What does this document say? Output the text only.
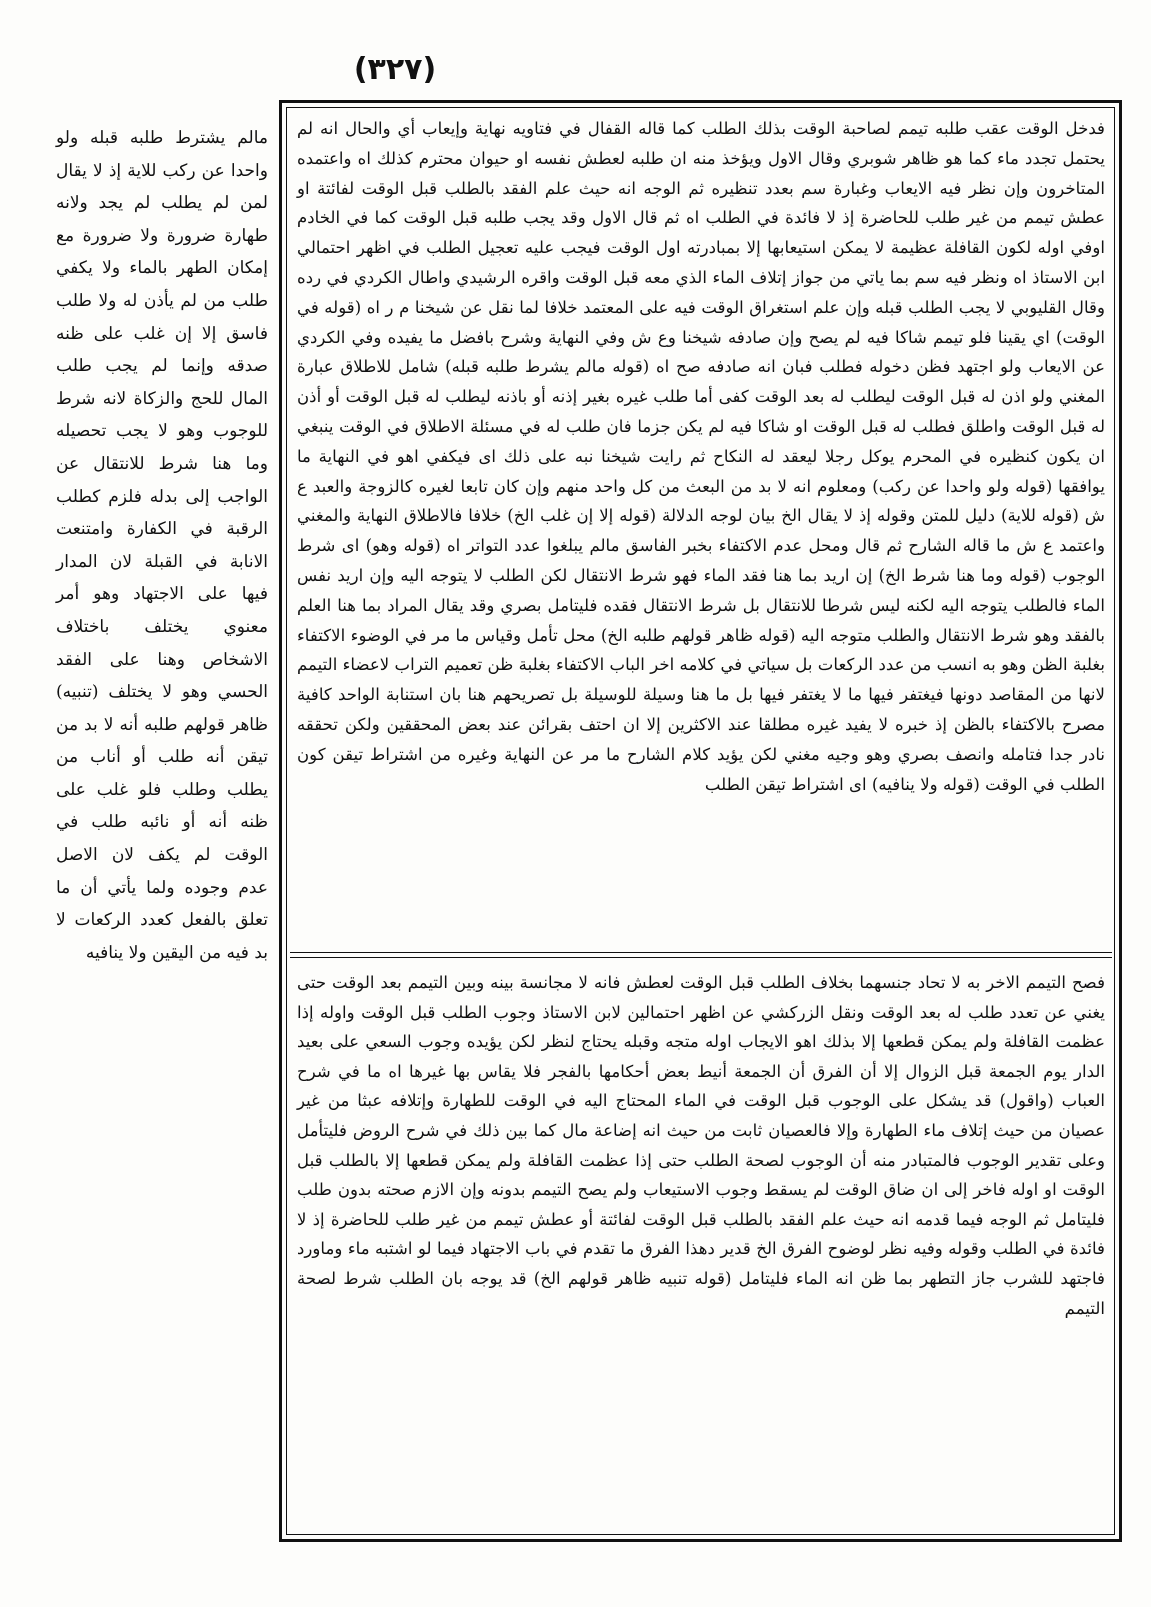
(٣٢٧)

فدخل الوقت عقب طلبه تيمم لصاحبة الوقت بذلك الطلب كما قاله القفال في فتاويه نهاية وإيعاب أي والحال انه لم يحتمل تجدد ماء كما هو ظاهر شوبري وقال الاول ويؤخذ منه ان طلبه لعطش نفسه او حيوان محترم كذلك اه واعتمده المتاخرون وإن نظر فيه الايعاب وغبارة سم بعدد تنظيره ثم الوجه انه حيث علم الفقد بالطلب قبل الوقت لفائتة او عطش تيمم من غير طلب للحاضرة إذ لا فائدة في الطلب اه ثم قال الاول وقد يجب طلبه قبل الوقت كما في الخادم اوفي اوله لكون القافلة عظيمة لا يمكن استيعابها إلا بمبادرته اول الوقت فيجب عليه تعجيل الطلب في اظهر احتمالي ابن الاستاذ اه ونظر فيه سم بما ياتي من جواز إتلاف الماء الذي معه قبل الوقت واقره الرشيدي واطال الكردي في رده وقال القليوبي لا يجب الطلب قبله وإن علم استغراق الوقت فيه على المعتمد خلافا لما نقل عن شيخنا م ر اه (قوله في الوقت) اي يقينا فلو تيمم شاكا فيه لم يصح وإن صادفه شيخنا وع ش وفي النهاية وشرح بافضل ما يفيده وفي الكردي عن الايعاب ولو اجتهد فظن دخوله فطلب فبان انه صادفه صح اه (قوله مالم يشرط طلبه قبله) شامل للاطلاق عبارة المغني ولو اذن له قبل الوقت ليطلب له بعد الوقت كفى أما طلب غيره بغير إذنه أو باذنه ليطلب له قبل الوقت أو أذن له قبل الوقت واطلق فطلب له قبل الوقت او شاكا فيه لم يكن جزما فان طلب له في مسئلة الاطلاق في الوقت ينبغي ان يكون كنظيره في المحرم يوكل رجلا ليعقد له النكاح ثم رايت شيخنا نبه على ذلك اى فيكفي اهو في النهاية ما يوافقها (قوله ولو واحدا عن ركب) ومعلوم انه لا بد من البعث من كل واحد منهم وإن كان تابعا لغيره كالزوجة والعبد ع ش (قوله للاية) دليل للمتن وقوله إذ لا يقال الخ بيان لوجه الدلالة (قوله إلا إن غلب الخ) خلافا فالاطلاق النهاية والمغني واعتمد ع ش ما قاله الشارح ثم قال ومحل عدم الاكتفاء بخبر الفاسق مالم يبلغوا عدد التواتر اه (قوله وهو) اى شرط الوجوب (قوله وما هنا شرط الخ) إن اريد بما هنا فقد الماء فهو شرط الانتقال لكن الطلب لا يتوجه اليه وإن اريد نفس الماء فالطلب يتوجه اليه لكنه ليس شرطا للانتقال بل شرط الانتقال فقده فليتامل بصري وقد يقال المراد بما هنا العلم بالفقد وهو شرط الانتقال والطلب متوجه اليه (قوله ظاهر قولهم طلبه الخ) محل تأمل وقياس ما مر في الوضوء الاكتفاء بغلبة الظن وهو به انسب من عدد الركعات بل سياتي في كلامه اخر الباب الاكتفاء بغلبة ظن تعميم التراب لاعضاء التيمم لانها من المقاصد دونها فيغتفر فيها ما لا يغتفر فيها بل ما هنا وسيلة للوسيلة بل تصريحهم هنا بان استنابة الواحد كافية مصرح بالاكتفاء بالظن إذ خبره لا يفيد غيره مطلقا عند الاكثرين إلا ان احتف بقرائن عند بعض المحققين ولكن تحققه نادر جدا فتامله وانصف بصري وهو وجيه مغني لكن يؤيد كلام الشارح ما مر عن النهاية وغيره من اشتراط تيقن كون الطلب في الوقت (قوله ولا ينافيه) اى اشتراط تيقن الطلب

فصح التيمم الاخر به لا تحاد جنسهما بخلاف الطلب قبل الوقت لعطش فانه لا مجانسة بينه وبين التيمم بعد الوقت حتى يغني عن تعدد طلب له بعد الوقت ونقل الزركشي عن اظهر احتمالين لابن الاستاذ وجوب الطلب قبل الوقت واوله إذا عظمت القافلة ولم يمكن قطعها إلا بذلك اهو الايجاب اوله متجه وقبله يحتاج لنظر لكن يؤيده وجوب السعي على بعيد الدار يوم الجمعة قبل الزوال إلا أن الفرق أن الجمعة أنيط بعض أحكامها بالفجر فلا يقاس بها غيرها اه ما في شرح العباب (واقول) قد يشكل على الوجوب قبل الوقت في الماء المحتاج اليه في الوقت للطهارة وإتلافه عبثا من غير عصيان من حيث إتلاف ماء الطهارة وإلا فالعصيان ثابت من حيث انه إضاعة مال كما بين ذلك في شرح الروض فليتأمل وعلى تقدير الوجوب فالمتبادر منه أن الوجوب لصحة الطلب حتى إذا عظمت القافلة ولم يمكن قطعها إلا بالطلب قبل الوقت او اوله فاخر إلى ان ضاق الوقت لم يسقط وجوب الاستيعاب ولم يصح التيمم بدونه وإن الازم صحته بدون طلب فليتامل ثم الوجه فيما قدمه انه حيث علم الفقد بالطلب قبل الوقت لفائتة أو عطش تيمم من غير طلب للحاضرة إذ لا فائدة في الطلب وقوله وفيه نظر لوضوح الفرق الخ قدير دهذا الفرق ما تقدم في باب الاجتهاد فيما لو اشتبه ماء وماورد فاجتهد للشرب جاز التطهر بما ظن انه الماء فليتامل (قوله تنبيه ظاهر قولهم الخ) قد يوجه بان الطلب شرط لصحة التيمم

مالم يشترط طلبه قبله ولو واحدا عن ركب للاية إذ لا يقال لمن لم يطلب لم يجد ولانه طهارة ضرورة ولا ضرورة مع إمكان الطهر بالماء ولا يكفي طلب من لم يأذن له ولا طلب فاسق إلا إن غلب على ظنه صدقه وإنما لم يجب طلب المال للحج والزكاة لانه شرط للوجوب وهو لا يجب تحصيله وما هنا شرط للانتقال عن الواجب إلى بدله فلزم كطلب الرقبة في الكفارة وامتنعت الانابة في القبلة لان المدار فيها على الاجتهاد وهو أمر معنوي يختلف باختلاف الاشخاص وهنا على الفقد الحسي وهو لا يختلف (تنبيه) ظاهر قولهم طلبه أنه لا بد من تيقن أنه طلب أو أناب من يطلب وطلب فلو غلب على ظنه أنه أو نائبه طلب في الوقت لم يكف لان الاصل عدم وجوده ولما يأتي أن ما تعلق بالفعل كعدد الركعات لا بد فيه من اليقين ولا ينافيه
